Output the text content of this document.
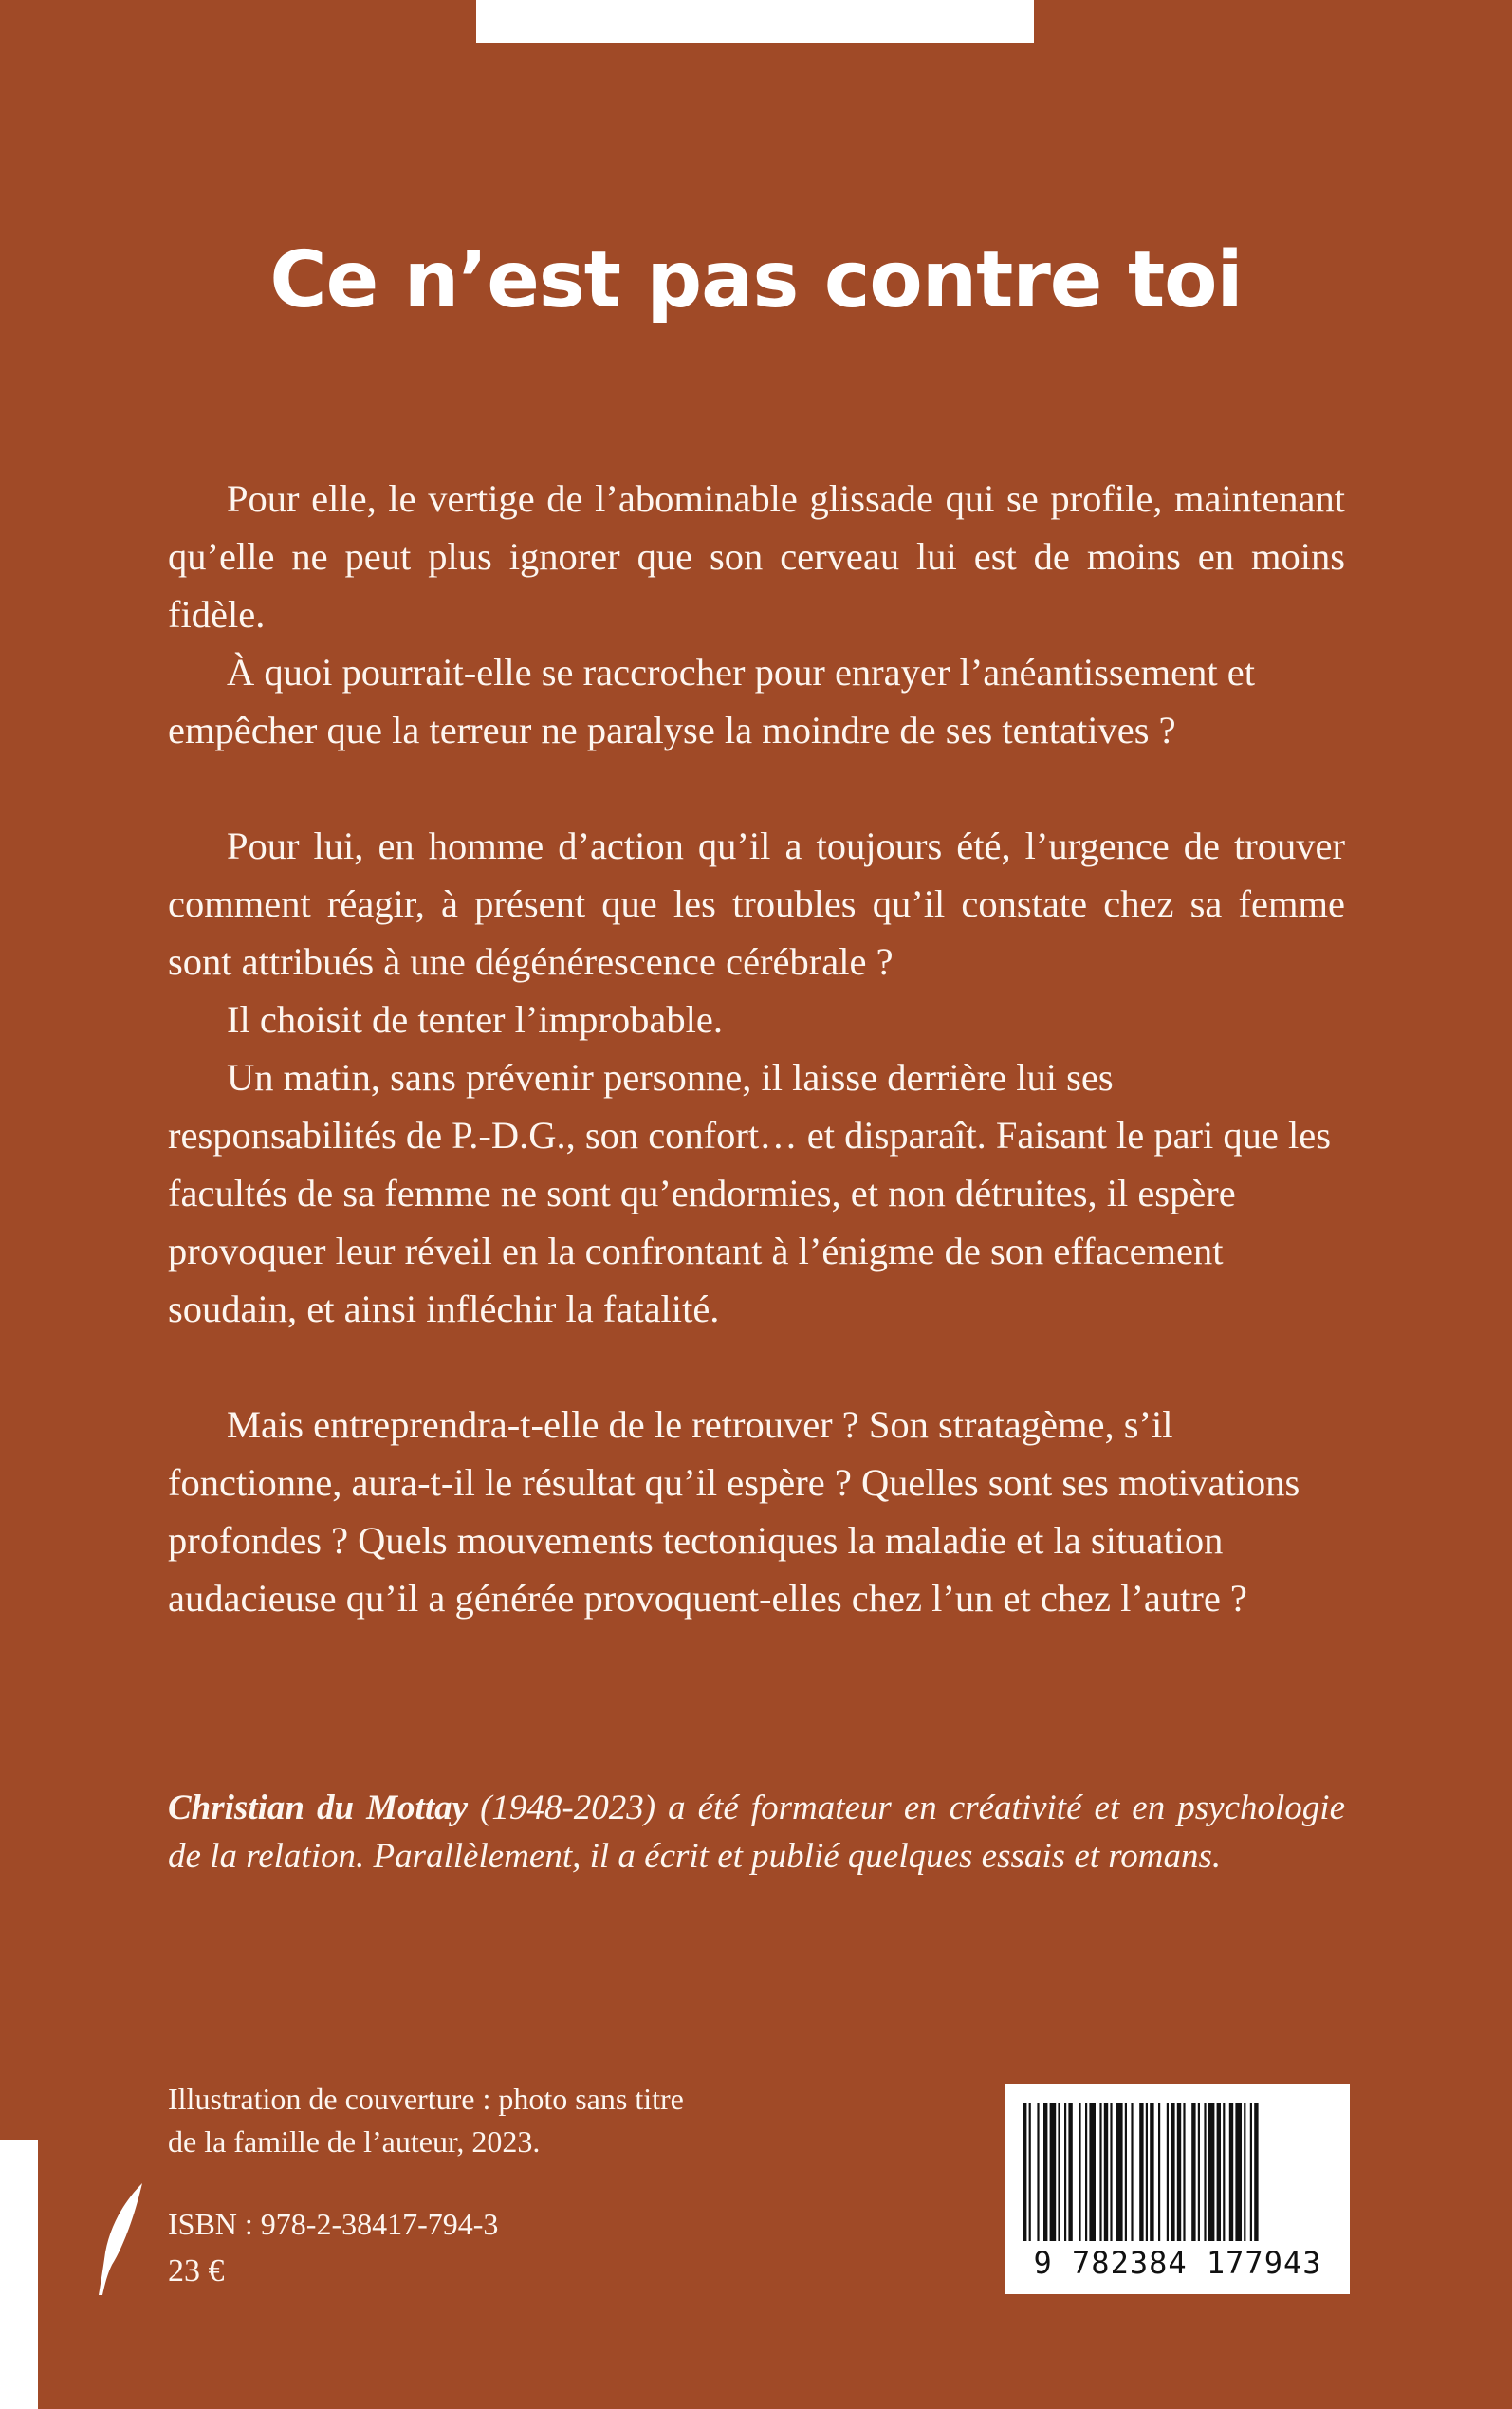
Ce n’est pas contre toi

Pour elle, le vertige de l’abominable glissade qui se profile, maintenant qu’elle ne peut plus ignorer que son cerveau lui est de moins en moins fidèle.

À quoi pourrait-elle se raccrocher pour enrayer l’anéantissement et empêcher que la terreur ne paralyse la moindre de ses tentatives ?

Pour lui, en homme d’action qu’il a toujours été, l’urgence de trouver comment réagir, à présent que les troubles qu’il constate chez sa femme sont attribués à une dégénérescence cérébrale ?

Il choisit de tenter l’improbable.

Un matin, sans prévenir personne, il laisse derrière lui ses responsabilités de P.-D.G., son confort… et disparaît. Faisant le pari que les facultés de sa femme ne sont qu’endormies, et non détruites, il espère provoquer leur réveil en la confrontant à l’énigme de son effacement soudain, et ainsi infléchir la fatalité.

Mais entreprendra-t-elle de le retrouver ? Son stratagème, s’il fonctionne, aura-t-il le résultat qu’il espère ? Quelles sont ses motivations profondes ? Quels mouvements tectoniques la maladie et la situation audacieuse qu’il a générée provoquent-elles chez l’un et chez l’autre ?

Christian du Mottay (1948-2023) a été formateur en créativité et en psychologie de la relation. Parallèlement, il a écrit et publié quelques essais et romans.

Illustration de couverture : photo sans titre

de la famille de l’auteur, 2023.

ISBN : 978-2-38417-794-3

23 €	9 782384 177943
